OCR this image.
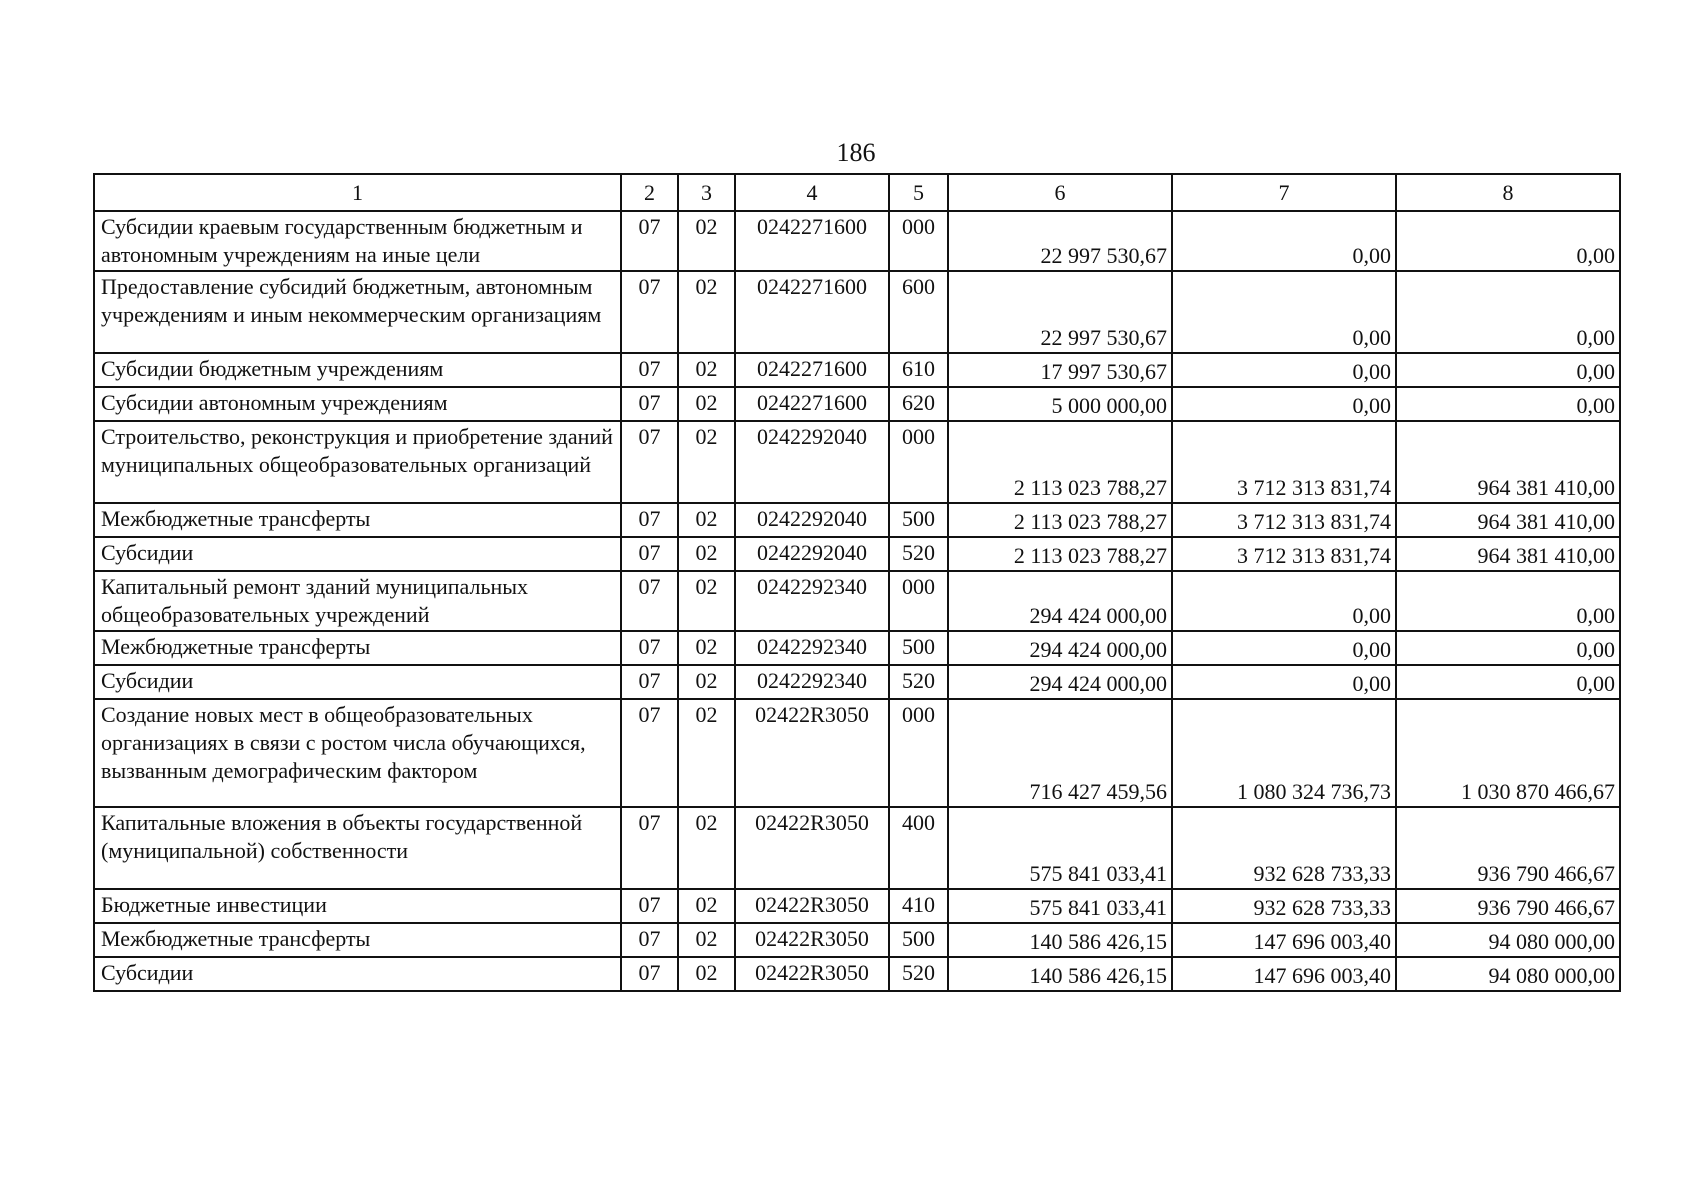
186
1	2	3	4	5	6	7	8
Субсидии краевым государственным бюджетным и автономным учреждениям на иные цели	07	02	0242271600	000	22 997 530,67	0,00	0,00
Предоставление субсидий бюджетным, автономным учреждениям и иным некоммерческим организациям	07	02	0242271600	600	22 997 530,67	0,00	0,00
Субсидии бюджетным учреждениям	07	02	0242271600	610	17 997 530,67	0,00	0,00
Субсидии автономным учреждениям	07	02	0242271600	620	5 000 000,00	0,00	0,00
Строительство, реконструкция и приобретение зданий муниципальных общеобразовательных организаций	07	02	0242292040	000	2 113 023 788,27	3 712 313 831,74	964 381 410,00
Межбюджетные трансферты	07	02	0242292040	500	2 113 023 788,27	3 712 313 831,74	964 381 410,00
Субсидии	07	02	0242292040	520	2 113 023 788,27	3 712 313 831,74	964 381 410,00
Капитальный ремонт зданий муниципальных общеобразовательных учреждений	07	02	0242292340	000	294 424 000,00	0,00	0,00
Межбюджетные трансферты	07	02	0242292340	500	294 424 000,00	0,00	0,00
Субсидии	07	02	0242292340	520	294 424 000,00	0,00	0,00
Создание новых мест в общеобразовательных организациях в связи с ростом числа обучающихся, вызванным демографическим фактором	07	02	02422R3050	000	716 427 459,56	1 080 324 736,73	1 030 870 466,67
Капитальные вложения в объекты государственной (муниципальной) собственности	07	02	02422R3050	400	575 841 033,41	932 628 733,33	936 790 466,67
Бюджетные инвестиции	07	02	02422R3050	410	575 841 033,41	932 628 733,33	936 790 466,67
Межбюджетные трансферты	07	02	02422R3050	500	140 586 426,15	147 696 003,40	94 080 000,00
Субсидии	07	02	02422R3050	520	140 586 426,15	147 696 003,40	94 080 000,00
